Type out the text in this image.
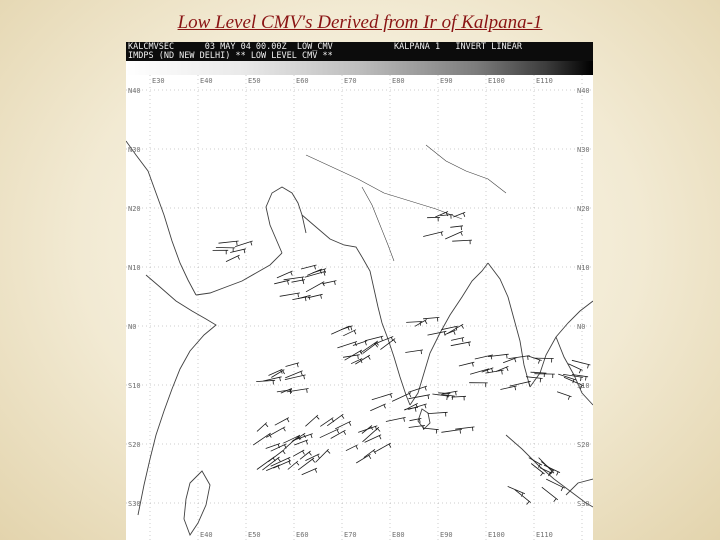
Low Level CMV's Derived from Ir of Kalpana-1
KALCMVSEC      03 MAY 04 00.00Z  LOW_CMV	KALPANA 1   INVERT LINEAR
IMDPS (ND NEW DELHI) ** LOW LEVEL CMV **
N40
N30
N20
N10
N0
S10
S20
S30
N40
N30
N20
N10
N0
S10
S20
S30
E30	E40	E50	E60	E70	E80	E90	E100	E110
E40	E50	E60	E70	E80	E90	E100	E110
